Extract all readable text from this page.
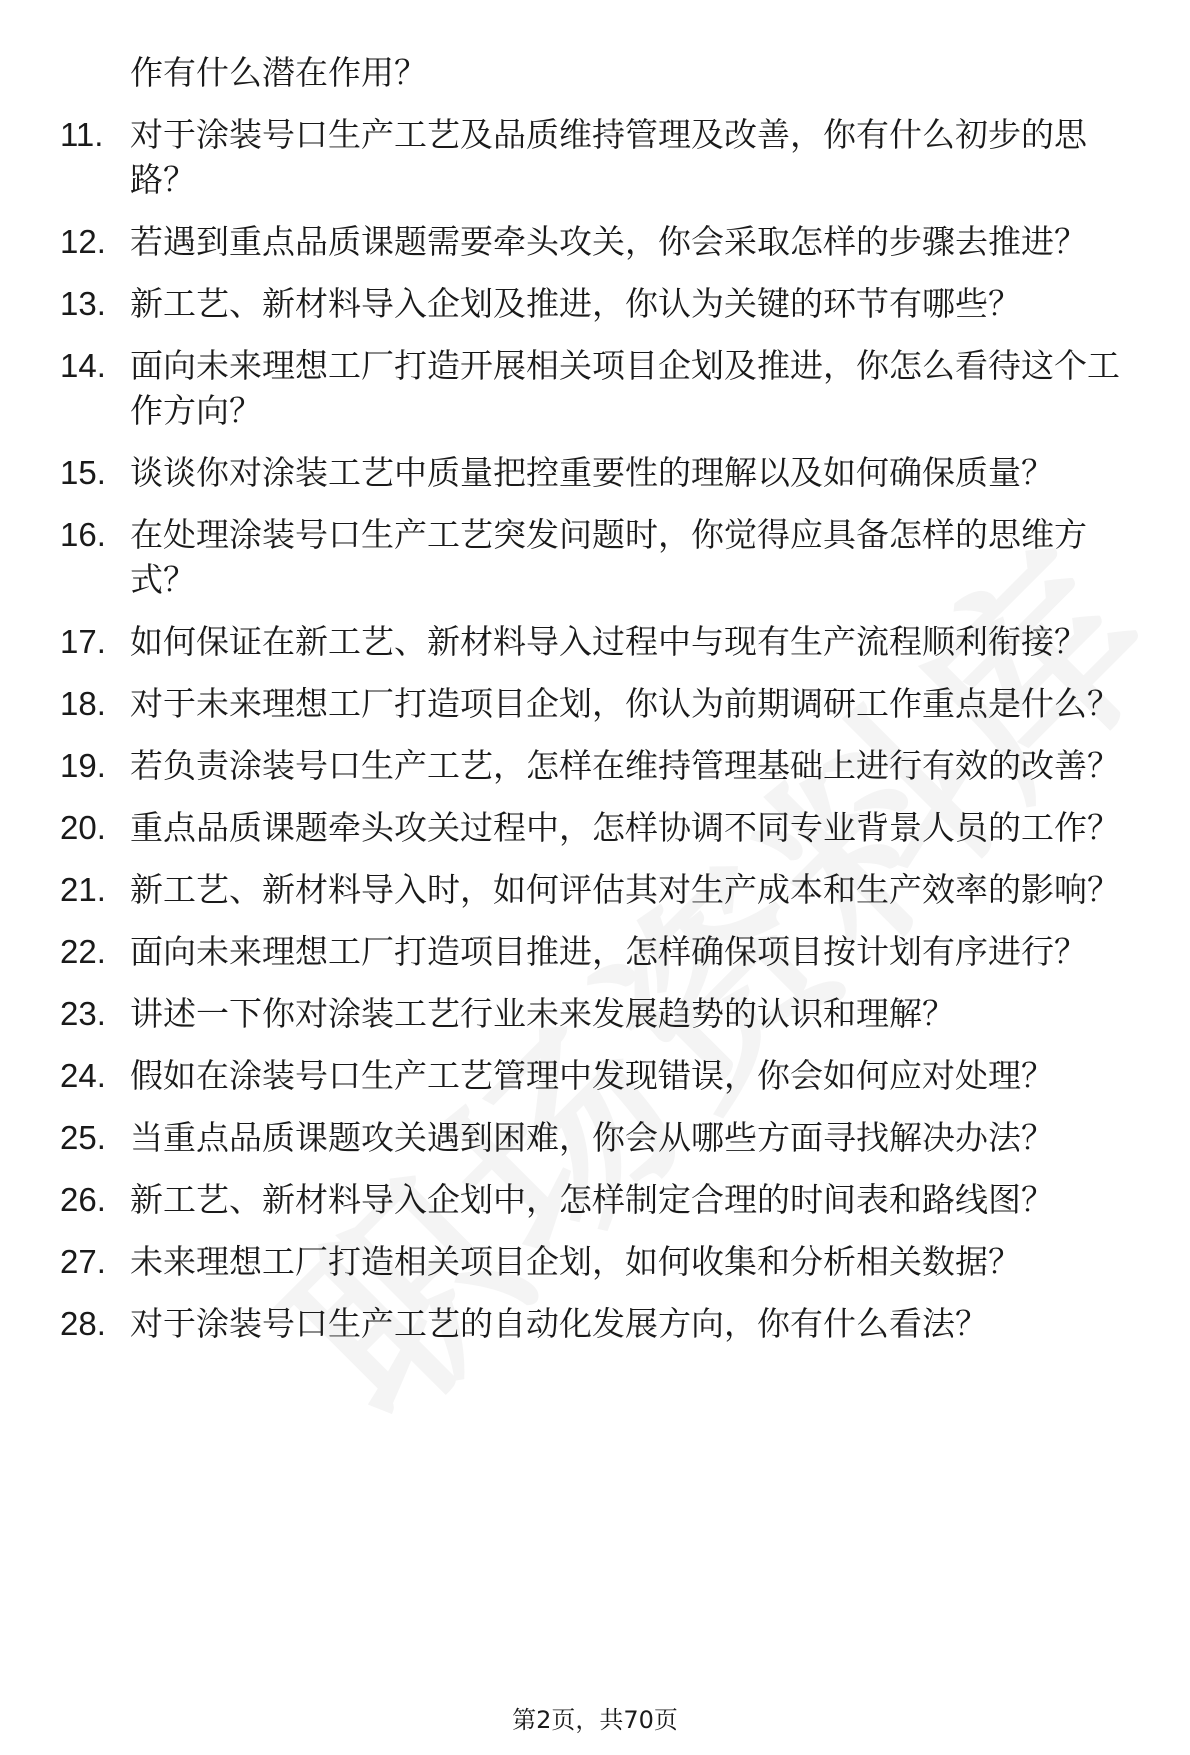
作有什么潜在作用？
11. 对于涂装号口生产工艺及品质维持管理及改善，你有什么初步的思路？
12. 若遇到重点品质课题需要牵头攻关，你会采取怎样的步骤去推进？
13. 新工艺、新材料导入企划及推进，你认为关键的环节有哪些？
14. 面向未来理想工厂打造开展相关项目企划及推进，你怎么看待这个工作方向？
15. 谈谈你对涂装工艺中质量把控重要性的理解以及如何确保质量？
16. 在处理涂装号口生产工艺突发问题时，你觉得应具备怎样的思维方式？
17. 如何保证在新工艺、新材料导入过程中与现有生产流程顺利衔接？
18. 对于未来理想工厂打造项目企划，你认为前期调研工作重点是什么？
19. 若负责涂装号口生产工艺，怎样在维持管理基础上进行有效的改善？
20. 重点品质课题牵头攻关过程中，怎样协调不同专业背景人员的工作？
21. 新工艺、新材料导入时，如何评估其对生产成本和生产效率的影响？
22. 面向未来理想工厂打造项目推进，怎样确保项目按计划有序进行？
23. 讲述一下你对涂装工艺行业未来发展趋势的认识和理解？
24. 假如在涂装号口生产工艺管理中发现错误，你会如何应对处理？
25. 当重点品质课题攻关遇到困难，你会从哪些方面寻找解决办法？
26. 新工艺、新材料导入企划中，怎样制定合理的时间表和路线图？
27. 未来理想工厂打造相关项目企划，如何收集和分析相关数据？
28. 对于涂装号口生产工艺的自动化发展方向，你有什么看法？
第2页，共70页
